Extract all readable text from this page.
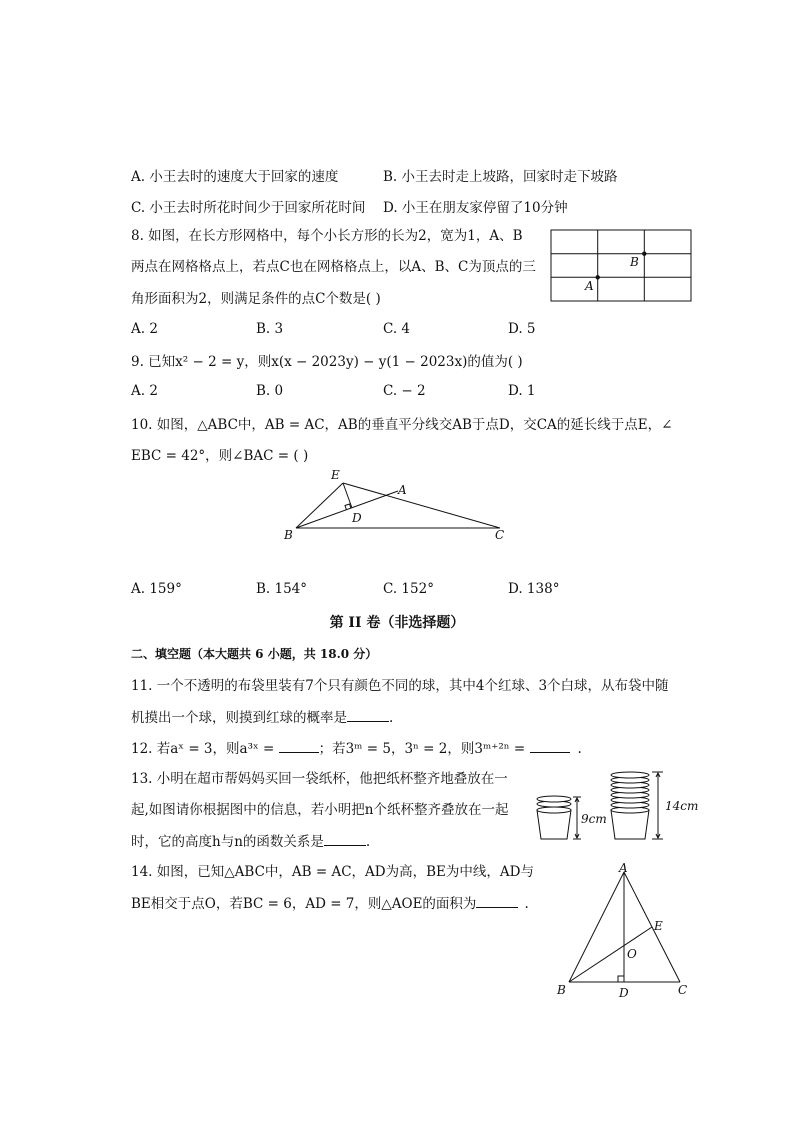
A. 小王去时的速度大于回家的速度	B. 小王去时走上坡路，回家时走下坡路
C. 小王去时所花时间少于回家所花时间 D. 小王在朋友家停留了10分钟
8. 如图，在长方形网格中，每个小长方形的长为2，宽为1，A、B
两点在网格格点上，若点C也在网格格点上，以A、B、C为顶点的三
角形面积为2，则满足条件的点C个数是( )
A
B
A. 2	B. 3	C. 4	D. 5
9. 已知x² − 2 = y，则x(x − 2023y) − y(1 − 2023x)的值为( )
A. 2	B. 0	C. − 2	D. 1
10. 如图，△ABC中，AB = AC，AB的垂直平分线交AB于点D，交CA的延长线于点E，∠
EBC = 42°，则∠BAC = ( )
E
A
D
B	C
A. 159°	B. 154°	C. 152°	D. 138°
第 II 卷（非选择题）
二、填空题（本大题共 6 小题，共 18.0 分）
11. 一个不透明的布袋里装有7个只有颜色不同的球，其中4个红球、3个白球，从布袋中随
机摸出一个球，则摸到红球的概率是	.
12. 若aˣ = 3，则a³ˣ =	；若3ᵐ = 5，3ⁿ = 2，则3ᵐ⁺²ⁿ =	.
13. 小明在超市帮妈妈买回一袋纸杯，他把纸杯整齐地叠放在一
起,如图请你根据图中的信息，若小明把n个纸杯整齐叠放在一起
时，它的高度h与n的函数关系是	.
9cm
14cm
14. 如图，已知△ABC中，AB = AC，AD为高，BE为中线，AD与
BE相交于点O，若BC = 6，AD = 7，则△AOE的面积为	.
A
E
O
B	D	C
